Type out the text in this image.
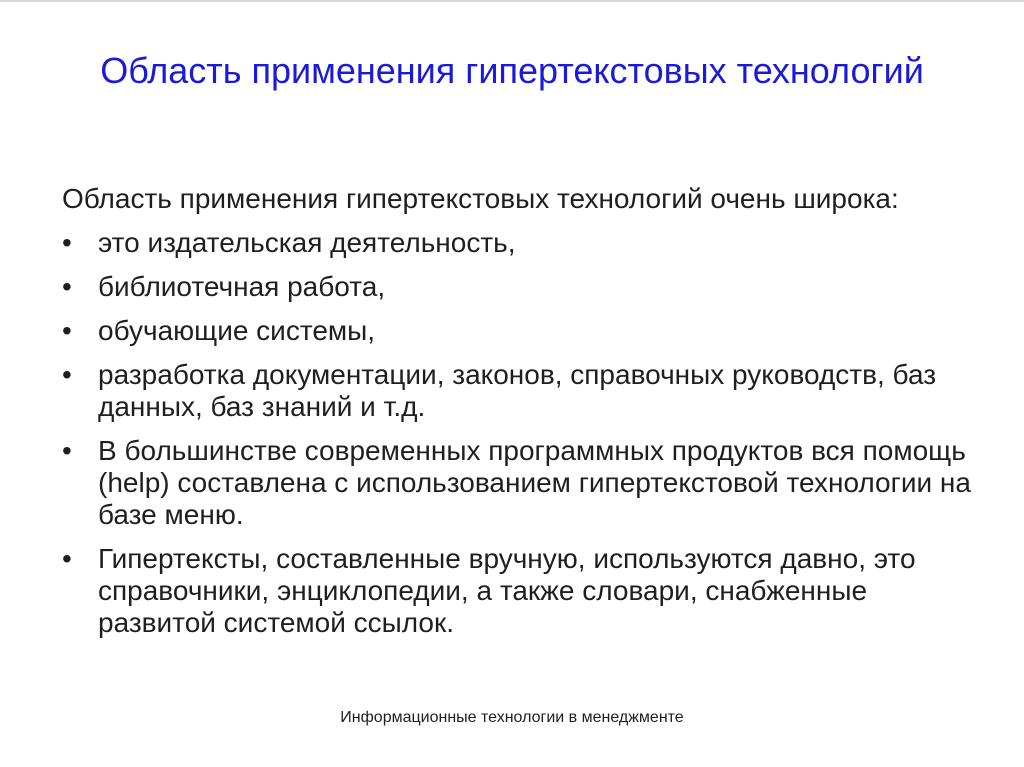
Область применения гипертекстовых технологий
Область применения гипертекстовых технологий очень широка:
• это издательская деятельность,
• библиотечная работа,
• обучающие системы,
• разработка документации, законов, справочных руководств, баз данных, баз знаний и т.д.
• В большинстве современных программных продуктов вся помощь (help) составлена с использованием гипертекстовой технологии на базе меню.
• Гипертексты, составленные вручную, используются давно, это справочники, энциклопедии, а также словари, снабженные развитой системой ссылок.
Информационные технологии в менеджменте
